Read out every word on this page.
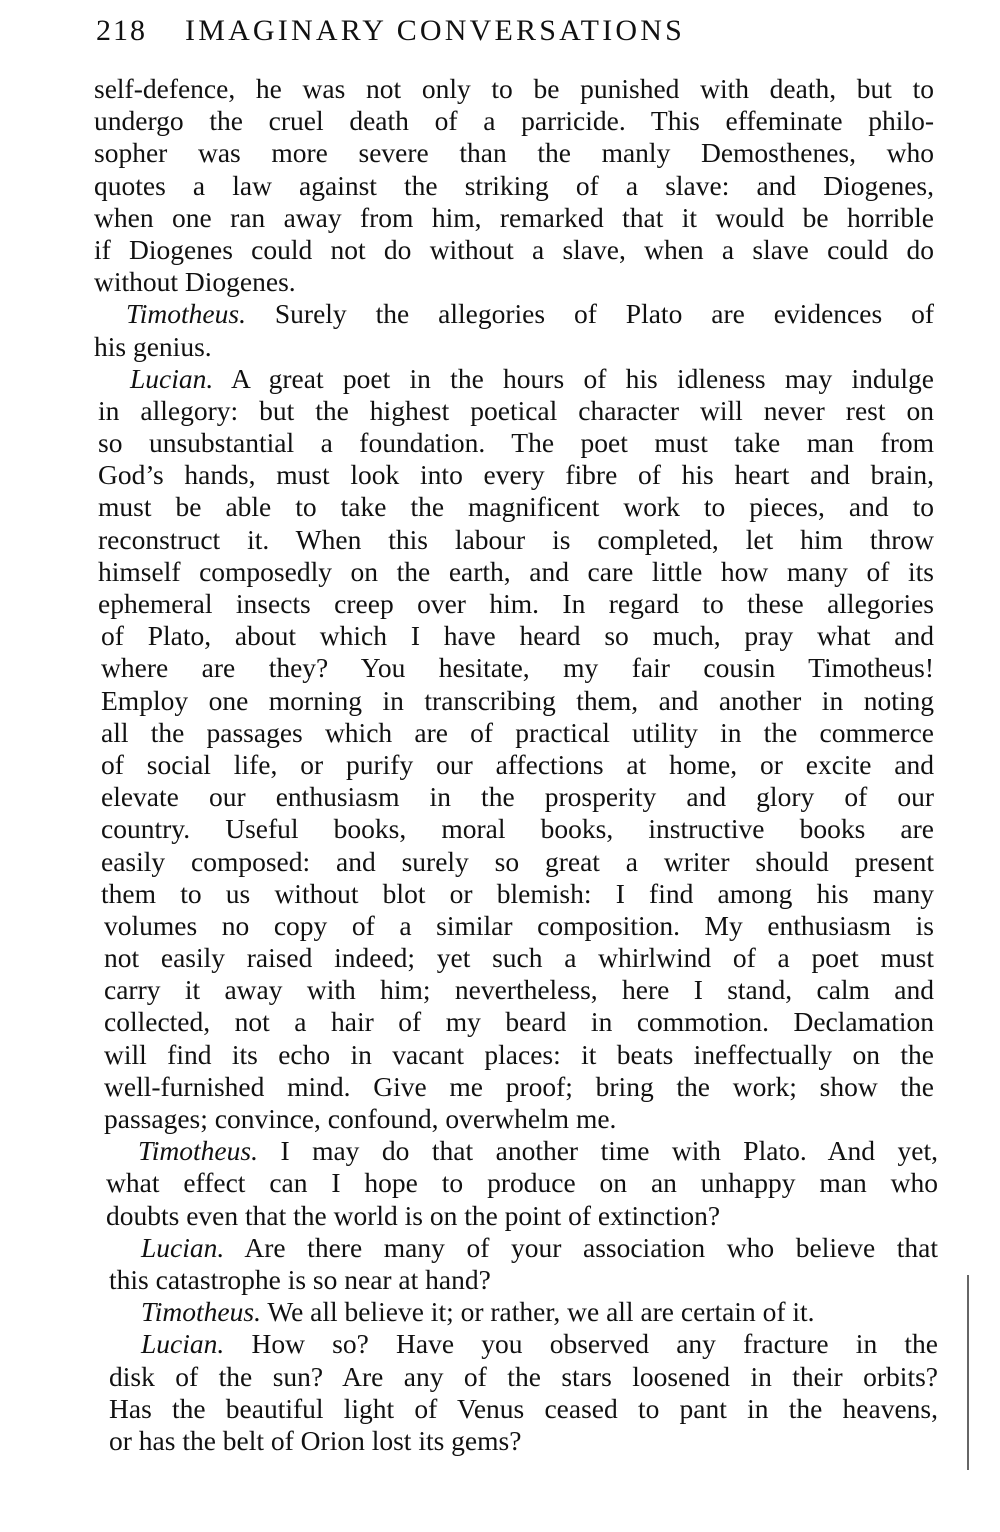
218 IMAGINARY CONVERSATIONS
self-defence, he was not only to be punished with death, but to
undergo the cruel death of a parricide. This effeminate philo-
sopher was more severe than the manly Demosthenes, who
quotes a law against the striking of a slave: and Diogenes,
when one ran away from him, remarked that it would be horrible
if Diogenes could not do without a slave, when a slave could do
without Diogenes.
Timotheus. Surely the allegories of Plato are evidences of
his genius.
Lucian. A great poet in the hours of his idleness may indulge
in allegory: but the highest poetical character will never rest on
so unsubstantial a foundation. The poet must take man from
God’s hands, must look into every fibre of his heart and brain,
must be able to take the magnificent work to pieces, and to
reconstruct it. When this labour is completed, let him throw
himself composedly on the earth, and care little how many of its
ephemeral insects creep over him. In regard to these allegories
of Plato, about which I have heard so much, pray what and
where are they? You hesitate, my fair cousin Timotheus!
Employ one morning in transcribing them, and another in noting
all the passages which are of practical utility in the commerce
of social life, or purify our affections at home, or excite and
elevate our enthusiasm in the prosperity and glory of our
country. Useful books, moral books, instructive books are
easily composed: and surely so great a writer should present
them to us without blot or blemish: I find among his many
volumes no copy of a similar composition. My enthusiasm is
not easily raised indeed; yet such a whirlwind of a poet must
carry it away with him; nevertheless, here I stand, calm and
collected, not a hair of my beard in commotion. Declamation
will find its echo in vacant places: it beats ineffectually on the
well-furnished mind. Give me proof; bring the work; show the
passages; convince, confound, overwhelm me.
Timotheus. I may do that another time with Plato. And yet,
what effect can I hope to produce on an unhappy man who
doubts even that the world is on the point of extinction?
Lucian. Are there many of your association who believe that
this catastrophe is so near at hand?
Timotheus. We all believe it; or rather, we all are certain of it.
Lucian. How so? Have you observed any fracture in the
disk of the sun? Are any of the stars loosened in their orbits?
Has the beautiful light of Venus ceased to pant in the heavens,
or has the belt of Orion lost its gems?
